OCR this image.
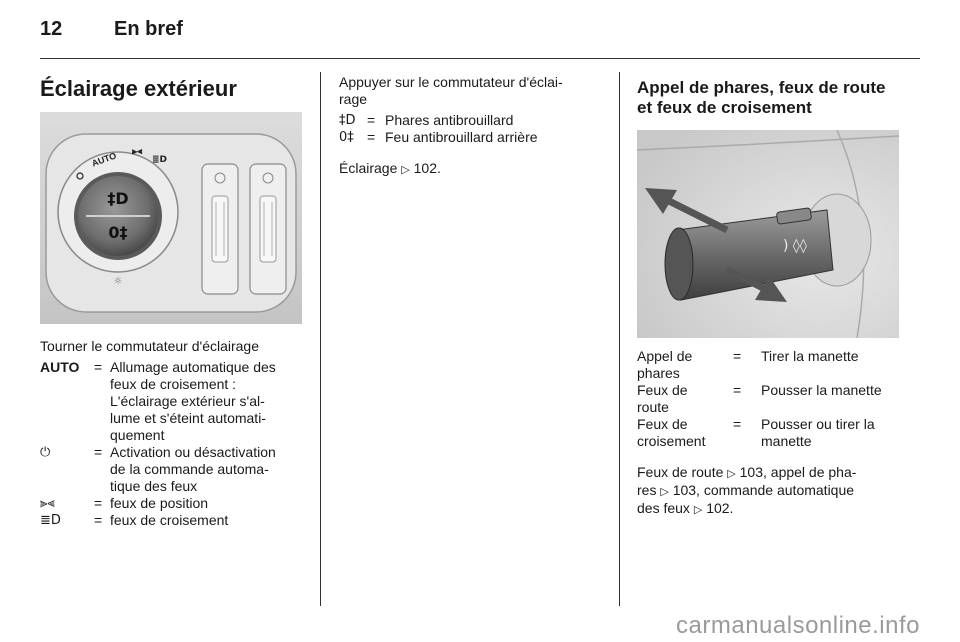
12	En bref
Éclairage extérieur
‡D
0‡
AUTO ⫸⫷
≣D
☼

Tourner le commutateur d'éclairage

AUTO	= Allumage automatique des
feux de croisement :
L'éclairage extérieur s'al-
lume et s'éteint automati-
quement
⏻	= Activation ou désactivation
de la commande automa-
tique des feux
⫸⫷	= feux de position
≣D	= feux de croisement

Appuyer sur le commutateur d'éclai-
rage

‡D = Phares antibrouillard
0‡ = Feu antibrouillard arrière

Éclairage ▷ 102.

Appel de phares, feux de route
et feux de croisement
) ◊◊
Appel de
phares
=	Tirer la manette
Feux de
route
=	Pousser la manette
Feux de
croisement
=	Pousser ou tirer la
manette

Feux de route ▷ 103, appel de pha-
res ▷ 103, commande automatique
des feux ▷ 102.

carmanualsonline.info
